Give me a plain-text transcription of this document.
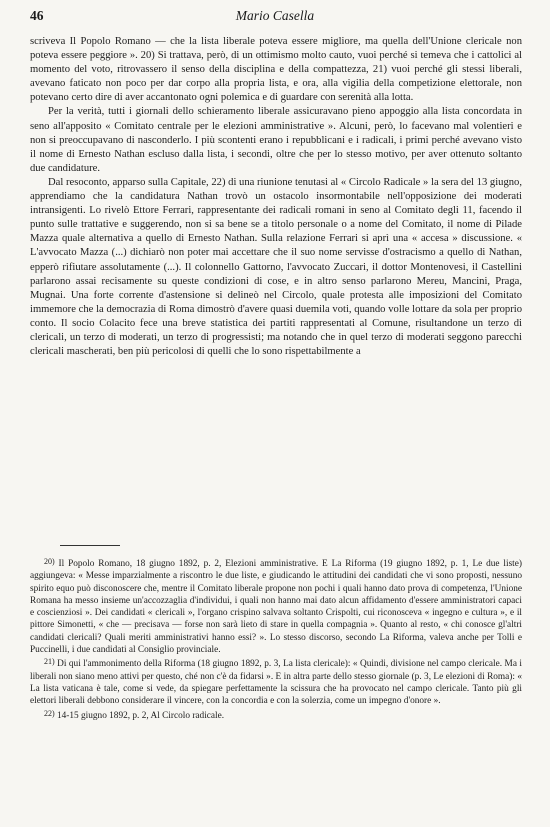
46	Mario Casella

scriveva Il Popolo Romano — che la lista liberale poteva essere migliore, ma quella dell'Unione clericale non poteva essere peggiore ». 20) Si trattava, però, di un ottimismo molto cauto, vuoi perché si temeva che i cattolici al momento del voto, ritrovassero il senso della disciplina e della compattezza, 21) vuoi perché gli stessi liberali, avevano faticato non poco per dar corpo alla propria lista, e ora, alla vigilia della competizione elettorale, non potevano certo dire di aver accantonato ogni polemica e di guardare con serenità alla lotta.

Per la verità, tutti i giornali dello schieramento liberale assicuravano pieno appoggio alla lista concordata in seno all'apposito « Comitato centrale per le elezioni amministrative ». Alcuni, però, lo facevano mal volentieri e non si preoccupavano di nasconderlo. I più scontenti erano i repubblicani e i radicali, i primi perché avevano visto il nome di Ernesto Nathan escluso dalla lista, i secondi, oltre che per lo stesso motivo, per aver ottenuto soltanto due candidature.

Dal resoconto, apparso sulla Capitale, 22) di una riunione tenutasi al « Circolo Radicale » la sera del 13 giugno, apprendiamo che la candidatura Nathan trovò un ostacolo insormontabile nell'opposizione dei moderati intransigenti. Lo rivelò Ettore Ferrari, rappresentante dei radicali romani in seno al Comitato degli 11, facendo il punto sulle trattative e suggerendo, non si sa bene se a titolo personale o a nome del Comitato, il nome di Pilade Mazza quale alternativa a quello di Ernesto Nathan. Sulla relazione Ferrari si aprì una « accesa » discussione. « L'avvocato Mazza (...) dichiarò non poter mai accettare che il suo nome servisse d'ostracismo a quello di Nathan, epperò rifiutare assolutamente (...). Il colonnello Gattorno, l'avvocato Zuccari, il dottor Montenovesi, il Castellini parlarono assai recisamente su queste condizioni di cose, e in altro senso parlarono Mereu, Mancini, Praga, Mugnai. Una forte corrente d'astensione si delineò nel Circolo, quale protesta alle imposizioni del Comitato immemore che la democrazia di Roma dimostrò d'avere quasi duemila voti, quando volle lottare da sola per proprio conto. Il socio Colacito fece una breve statistica dei partiti rappresentati al Comune, risultandone un terzo di clericali, un terzo di moderati, un terzo di progressisti; ma notando che in quel terzo di moderati seggono parecchi clericali mascherati, ben più pericolosi di quelli che lo sono rispettabilmente a

20) Il Popolo Romano, 18 giugno 1892, p. 2, Elezioni amministrative. E La Riforma (19 giugno 1892, p. 1, Le due liste) aggiungeva: « Messe imparzialmente a riscontro le due liste, e giudicando le attitudini dei candidati che vi sono proposti, nessuno spirito equo può disconoscere che, mentre il Comitato liberale propone non pochi i quali hanno dato prova di competenza, l'Unione Romana ha messo insieme un'accozzaglia d'individui, i quali non hanno mai dato alcun affidamento d'essere amministratori capaci e coscienziosi ». Dei candidati « clericali », l'organo crispino salvava soltanto Crispolti, cui riconosceva « ingegno e cultura », e il pittore Simonetti, « che — precisava — forse non sarà lieto di stare in quella compagnia ». Quanto al resto, « chi conosce gl'altri candidati clericali? Quali meriti amministrativi hanno essi? ». Lo stesso discorso, secondo La Riforma, valeva anche per Tolli e Puccinelli, i due candidati al Consiglio provinciale.

21) Di qui l'ammonimento della Riforma (18 giugno 1892, p. 3, La lista clericale): « Quindi, divisione nel campo clericale. Ma i liberali non siano meno attivi per questo, ché non c'è da fidarsi ». E in altra parte dello stesso giornale (p. 3, Le elezioni di Roma): « La lista vaticana è tale, come si vede, da spiegare perfettamente la scissura che ha provocato nel campo clericale. Tanto più gli elettori liberali debbono considerare il vincere, con la concordia e con la solerzia, come un impegno d'onore ».

22) 14-15 giugno 1892, p. 2, Al Circolo radicale.
